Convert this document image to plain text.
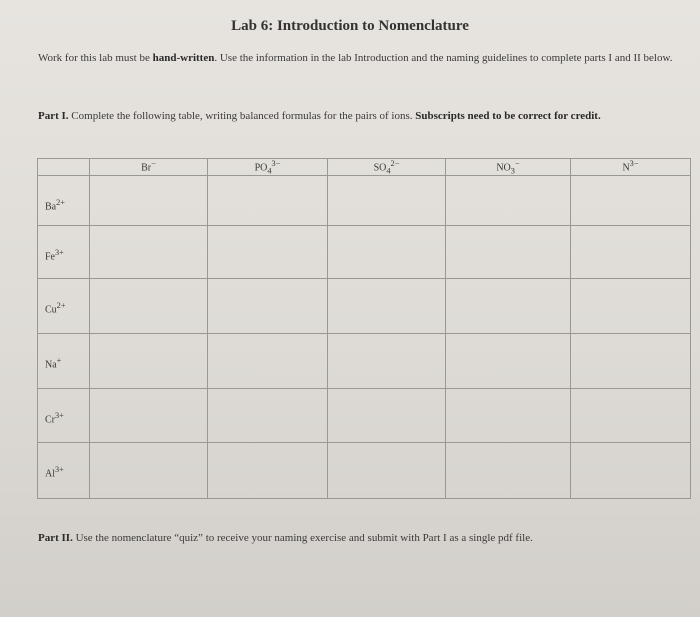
Lab 6: Introduction to Nomenclature
Work for this lab must be hand-written. Use the information in the lab Introduction and the naming guidelines to complete parts I and II below.
Part I. Complete the following table, writing balanced formulas for the pairs of ions. Subscripts need to be correct for credit.
	Br−	$PO_4^{3-}$	$SO_4^{2-}$	$NO_3^-$	$N^{3-}$
$Ba^{2+}$					
$Fe^{3+}$					
$Cu^{2+}$					
Na+					
$Cr^{3+}$					
$Al^{3+}$					
Part II. Use the nomenclature “quiz” to receive your naming exercise and submit with Part I as a single pdf file.
